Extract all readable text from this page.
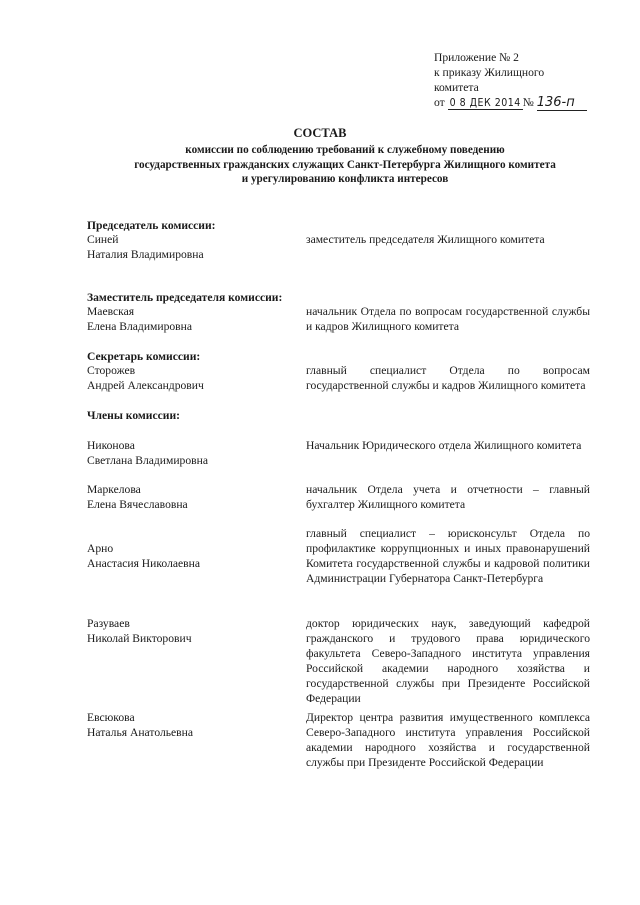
Приложение № 2
к приказу Жилищного
комитета
от 0 8 ДЕК 2014 № 136-п
СОСТАВ
комиссии по соблюдению требований к служебному поведению
государственных гражданских служащих Санкт-Петербурга Жилищного комитета
и урегулированию конфликта интересов
Председатель комиссии:
Синей
Наталия Владимировна
заместитель председателя Жилищного комитета
Заместитель председателя комиссии:
Маевская
Елена Владимировна
начальник Отдела по вопросам государственной службы и кадров Жилищного комитета
Секретарь комиссии:
Сторожев
Андрей Александрович
главный специалист Отдела по вопросам государственной службы и кадров Жилищного комитета
Члены комиссии:
Никонова
Светлана Владимировна
Начальник Юридического отдела Жилищного комитета
Маркелова
Елена Вячеславовна
начальник Отдела учета и отчетности – главный бухгалтер Жилищного комитета
Арно
Анастасия Николаевна
главный специалист – юрисконсульт Отдела по профилактике коррупционных и иных правонарушений Комитета государственной службы и кадровой политики Администрации Губернатора Санкт-Петербурга
Разуваев
Николай Викторович
доктор юридических наук, заведующий кафедрой гражданского и трудового права юридического факультета Северо-Западного института управления Российской академии народного хозяйства и государственной службы при Президенте Российской Федерации
Евсюкова
Наталья Анатольевна
Директор центра развития имущественного комплекса Северо-Западного института управления Российской академии народного хозяйства и государственной службы при Президенте Российской Федерации
